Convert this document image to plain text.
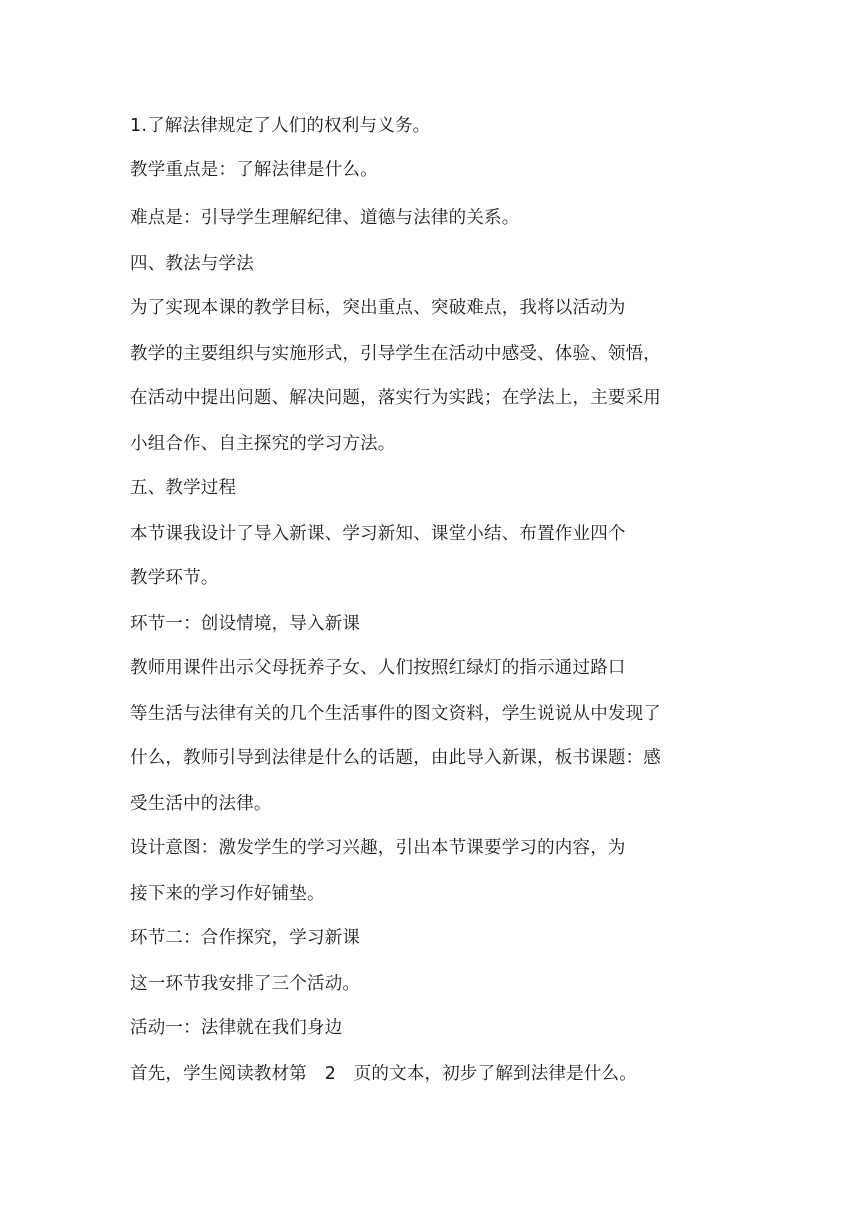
1.了解法律规定了人们的权利与义务。
教学重点是：了解法律是什么。
难点是：引导学生理解纪律、道德与法律的关系。
四、教法与学法
为了实现本课的教学目标，突出重点、突破难点，我将以活动为
教学的主要组织与实施形式，引导学生在活动中感受、体验、领悟，
在活动中提出问题、解决问题，落实行为实践；在学法上，主要采用
小组合作、自主探究的学习方法。
五、教学过程
本节课我设计了导入新课、学习新知、课堂小结、布置作业四个
教学环节。
环节一：创设情境，导入新课
教师用课件出示父母抚养子女、人们按照红绿灯的指示通过路口
等生活与法律有关的几个生活事件的图文资料，学生说说从中发现了
什么，教师引导到法律是什么的话题，由此导入新课，板书课题：感
受生活中的法律。
设计意图：激发学生的学习兴趣，引出本节课要学习的内容，为
接下来的学习作好铺垫。
环节二：合作探究，学习新课
这一环节我安排了三个活动。
活动一：法律就在我们身边
首先，学生阅读教材第　2　页的文本，初步了解到法律是什么。
